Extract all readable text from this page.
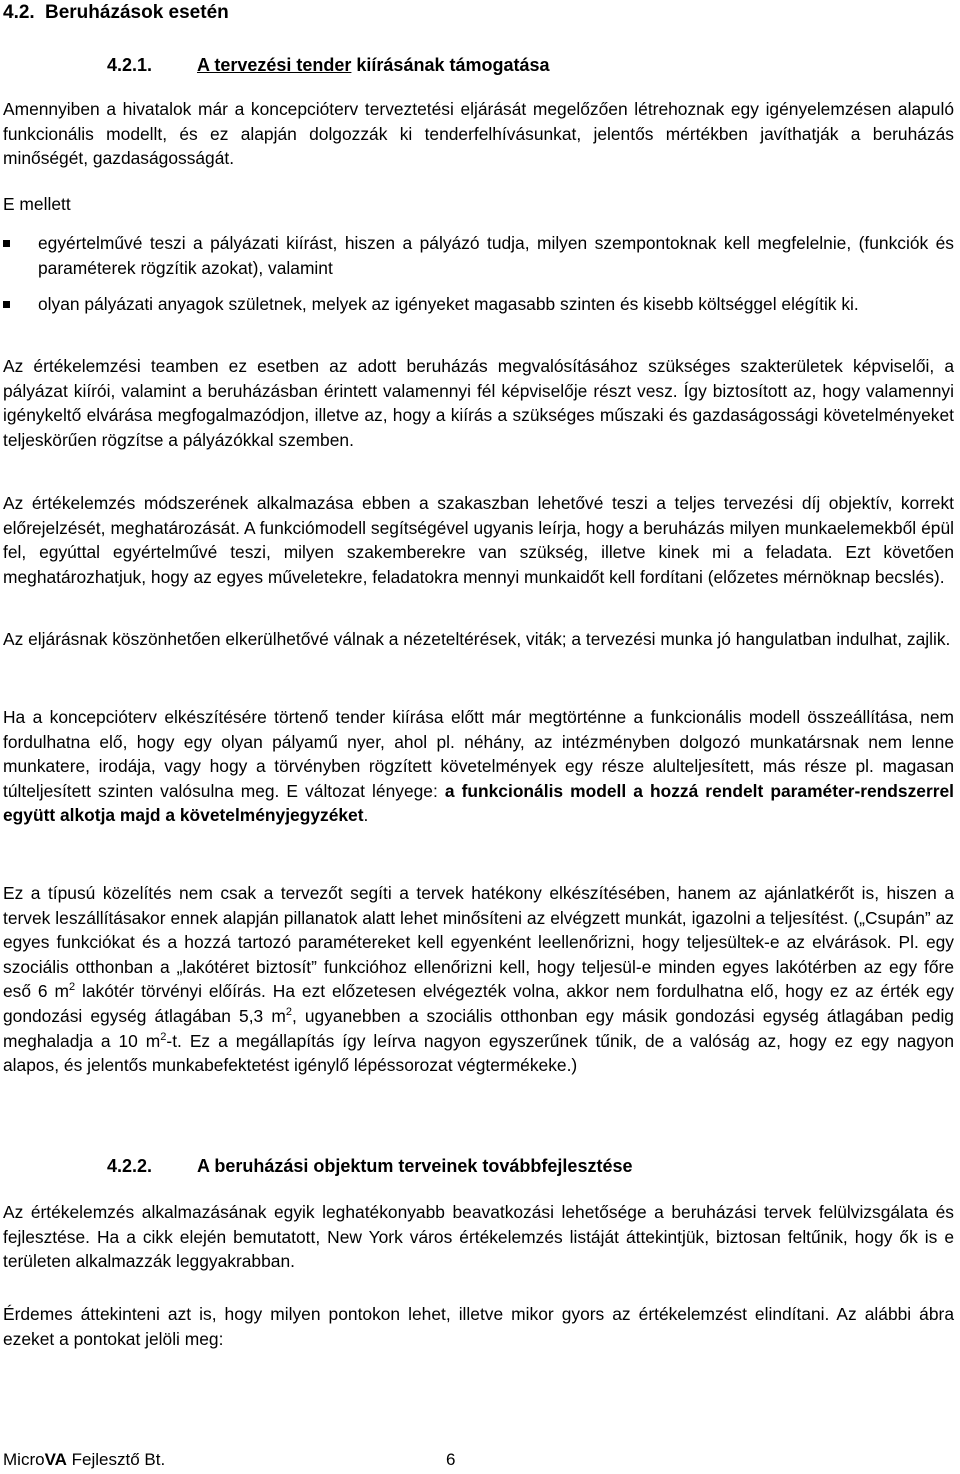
4.2. Beruházások esetén
4.2.1. A tervezési tender kiírásának támogatása
Amennyiben a hivatalok már a koncepcióterv terveztetési eljárását megelőzően létrehoznak egy igényelemzésen alapuló funkcionális modellt, és ez alapján dolgozzák ki tenderfelhívásunkat, jelentős mértékben javíthatják a beruházás minőségét, gazdaságosságát.
E mellett
egyértelművé teszi a pályázati kiírást, hiszen a pályázó tudja, milyen szempontoknak kell megfelelnie, (funkciók és paraméterek rögzítik azokat), valamint
olyan pályázati anyagok születnek, melyek az igényeket magasabb szinten és kisebb költséggel elégítik ki.
Az értékelemzési teamben ez esetben az adott beruházás megvalósításához szükséges szakterületek képviselői, a pályázat kiírói, valamint a beruházásban érintett valamennyi fél képviselője részt vesz. Így biztosított az, hogy valamennyi igénykeltő elvárása megfogalmazódjon, illetve az, hogy a kiírás a szükséges műszaki és gazdaságossági követelményeket teljeskörűen rögzítse a pályázókkal szemben.
Az értékelemzés módszerének alkalmazása ebben a szakaszban lehetővé teszi a teljes tervezési díj objektív, korrekt előrejelzését, meghatározását. A funkciómodell segítségével ugyanis leírja, hogy a beruházás milyen munkaelemekből épül fel, egyúttal egyértelművé teszi, milyen szakemberekre van szükség, illetve kinek mi a feladata. Ezt követően meghatározhatjuk, hogy az egyes műveletekre, feladatokra mennyi munkaidőt kell fordítani (előzetes mérnöknap becslés).
Az eljárásnak köszönhetően elkerülhetővé válnak a nézeteltérések, viták; a tervezési munka jó hangulatban indulhat, zajlik.
Ha a koncepcióterv elkészítésére törtenő tender kiírása előtt már megtörténne a funkcionális modell összeállítása, nem fordulhatna elő, hogy egy olyan pályamű nyer, ahol pl. néhány, az intézményben dolgozó munkatársnak nem lenne munkatere, irodája, vagy hogy a törvényben rögzített követelmények egy része alulteljesített, más része pl. magasan túlteljesített szinten valósulna meg. E változat lényege: a funkcionális modell a hozzá rendelt paraméter-rendszerrel együtt alkotja majd a követelményjegyzéket.
Ez a típusú közelítés nem csak a tervezőt segíti a tervek hatékony elkészítésében, hanem az ajánlatkérőt is, hiszen a tervek leszállításakor ennek alapján pillanatok alatt lehet minősíteni az elvégzett munkát, igazolni a teljesítést. („Csupán” az egyes funkciókat és a hozzá tartozó paramétereket kell egyenként leellenőrizni, hogy teljesültek-e az elvárások. Pl. egy szociális otthonban a „lakótéret biztosít” funkcióhoz ellenőrizni kell, hogy teljesül-e minden egyes lakótérben az egy főre eső 6 $m^2$ lakótér törvényi előírás. Ha ezt előzetesen elvégezték volna, akkor nem fordulhatna elő, hogy ez az érték egy gondozási egység átlagában 5,3 $m^2$, ugyanebben a szociális otthonban egy másik gondozási egység átlagában pedig meghaladja a 10 $m^2-t$. Ez a megállapítás így leírva nagyon egyszerűnek tűnik, de a valóság az, hogy ez egy nagyon alapos, és jelentős munkabefektetést igénylő lépéssorozat végtermékeke.)
4.2.2. A beruházási objektum terveinek továbbfejlesztése
Az értékelemzés alkalmazásának egyik leghatékonyabb beavatkozási lehetősége a beruházási tervek felülvizsgálata és fejlesztése. Ha a cikk elején bemutatott, New York város értékelemzés listáját áttekintjük, biztosan feltűnik, hogy ők is e területen alkalmazzák leggyakrabban.
Érdemes áttekinteni azt is, hogy milyen pontokon lehet, illetve mikor gyors az értékelemzést elindítani. Az alábbi ábra ezeket a pontokat jelöli meg:
MicroVA Fejlesztő Bt.	6
